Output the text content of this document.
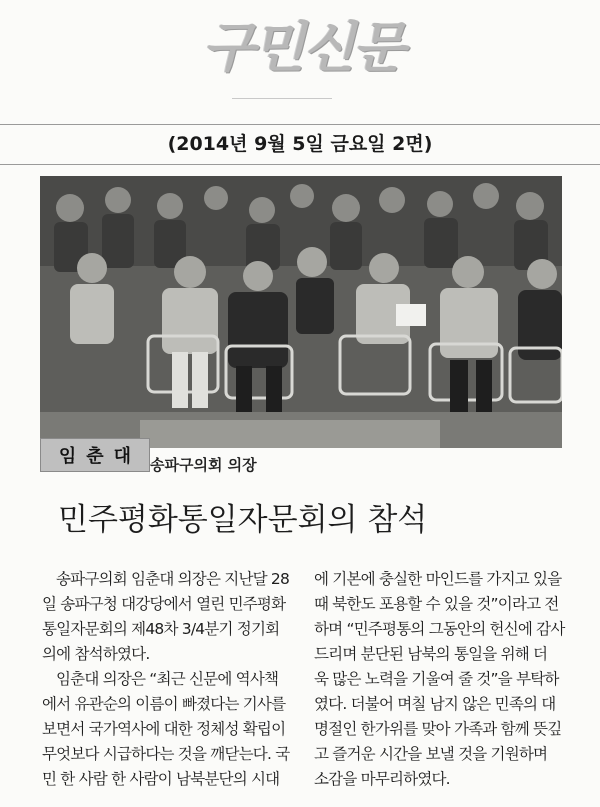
구민신문
(2014년 9월 5일 금요일 2면)
임춘대 송파구의회 의장
민주평화통일자문회의 참석
송파구의회 임춘대 의장은 지난달 28
일 송파구청 대강당에서 열린 민주평화
통일자문회의 제48차 3/4분기 정기회
의에 참석하였다.
임춘대 의장은 “최근 신문에 역사책
에서 유관순의 이름이 빠졌다는 기사를
보면서 국가역사에 대한 정체성 확립이
무엇보다 시급하다는 것을 깨닫는다. 국
민 한 사람 한 사람이 남북분단의 시대
에 기본에 충실한 마인드를 가지고 있을
때 북한도 포용할 수 있을 것”이라고 전
하며 “민주평통의 그동안의 헌신에 감사
드리며 분단된 남북의 통일을 위해 더
욱 많은 노력을 기울여 줄 것”을 부탁하
였다. 더불어 며칠 남지 않은 민족의 대
명절인 한가위를 맞아 가족과 함께 뜻깊
고 즐거운 시간을 보낼 것을 기원하며
소감을 마무리하였다.
